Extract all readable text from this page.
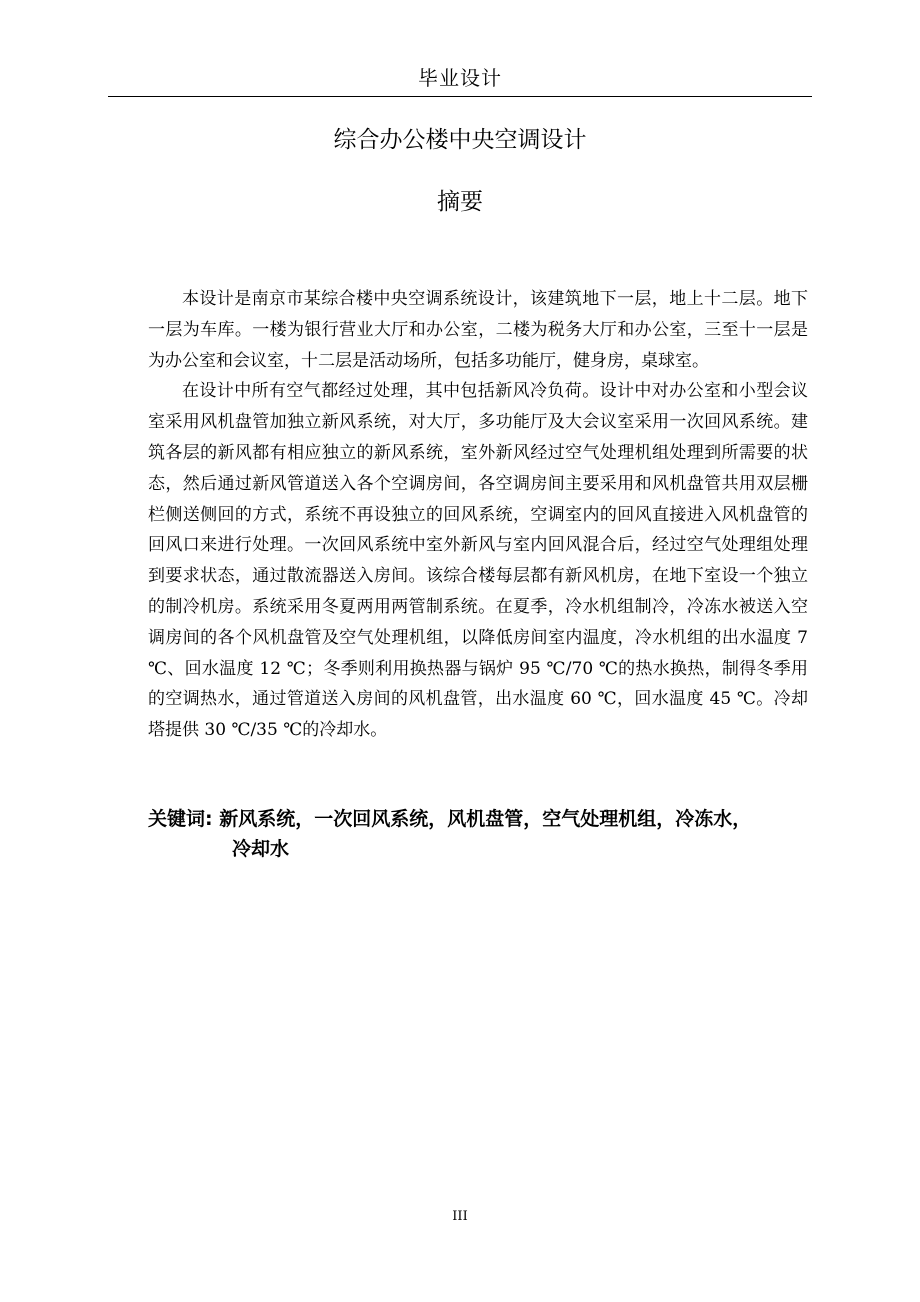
毕业设计
综合办公楼中央空调设计
摘要

本设计是南京市某综合楼中央空调系统设计，该建筑地下一层，地上十二层。地下一层为车库。一楼为银行营业大厅和办公室，二楼为税务大厅和办公室，三至十一层是为办公室和会议室，十二层是活动场所，包括多功能厅，健身房，桌球室。

在设计中所有空气都经过处理，其中包括新风冷负荷。设计中对办公室和小型会议室采用风机盘管加独立新风系统，对大厅，多功能厅及大会议室采用一次回风系统。建筑各层的新风都有相应独立的新风系统，室外新风经过空气处理机组处理到所需要的状态，然后通过新风管道送入各个空调房间，各空调房间主要采用和风机盘管共用双层栅栏侧送侧回的方式，系统不再设独立的回风系统，空调室内的回风直接进入风机盘管的回风口来进行处理。一次回风系统中室外新风与室内回风混合后，经过空气处理组处理到要求状态，通过散流器送入房间。该综合楼每层都有新风机房，在地下室设一个独立的制冷机房。系统采用冬夏两用两管制系统。在夏季，冷水机组制冷，冷冻水被送入空调房间的各个风机盘管及空气处理机组，以降低房间室内温度，冷水机组的出水温度 7 ℃、回水温度 12 ℃；冬季则利用换热器与锅炉 95 ℃/70 ℃的热水换热，制得冬季用的空调热水，通过管道送入房间的风机盘管，出水温度 60 ℃，回水温度 45 ℃。冷却塔提供 30 ℃/35 ℃的冷却水。

关键词: 新风系统，一次回风系统，风机盘管，空气处理机组，冷冻水，
冷却水
III
